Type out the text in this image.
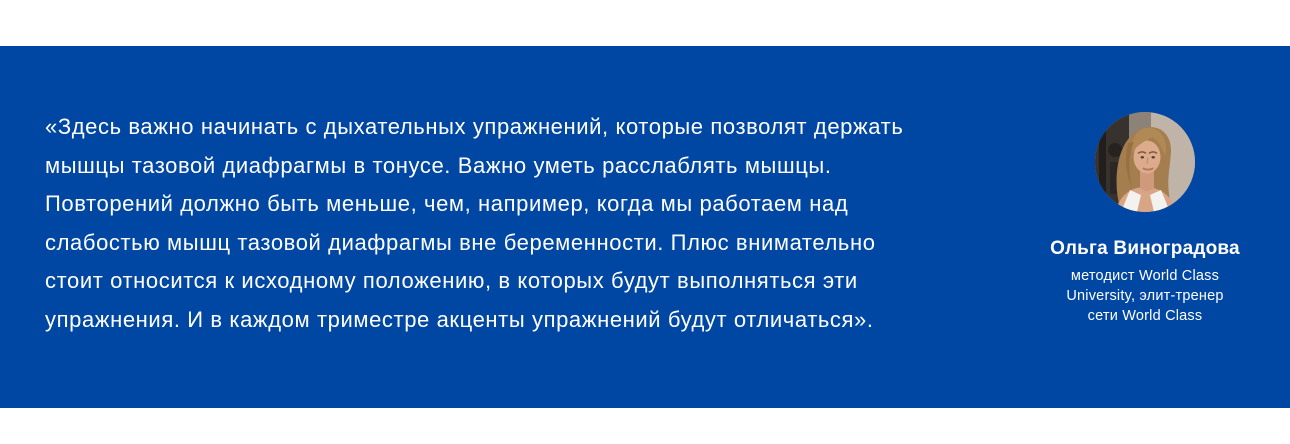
«Здесь важно начинать с дыхательных упражнений, которые позволят держать
мышцы тазовой диафрагмы в тонусе. Важно уметь расслаблять мышцы.
Повторений должно быть меньше, чем, например, когда мы работаем над
слабостью мышц тазовой диафрагмы вне беременности. Плюс внимательно
стоит относится к исходному положению, в которых будут выполняться эти
упражнения. И в каждом триместре акценты упражнений будут отличаться».
Ольга Виноградова
методист World Class
University, элит-тренер
сети World Class
